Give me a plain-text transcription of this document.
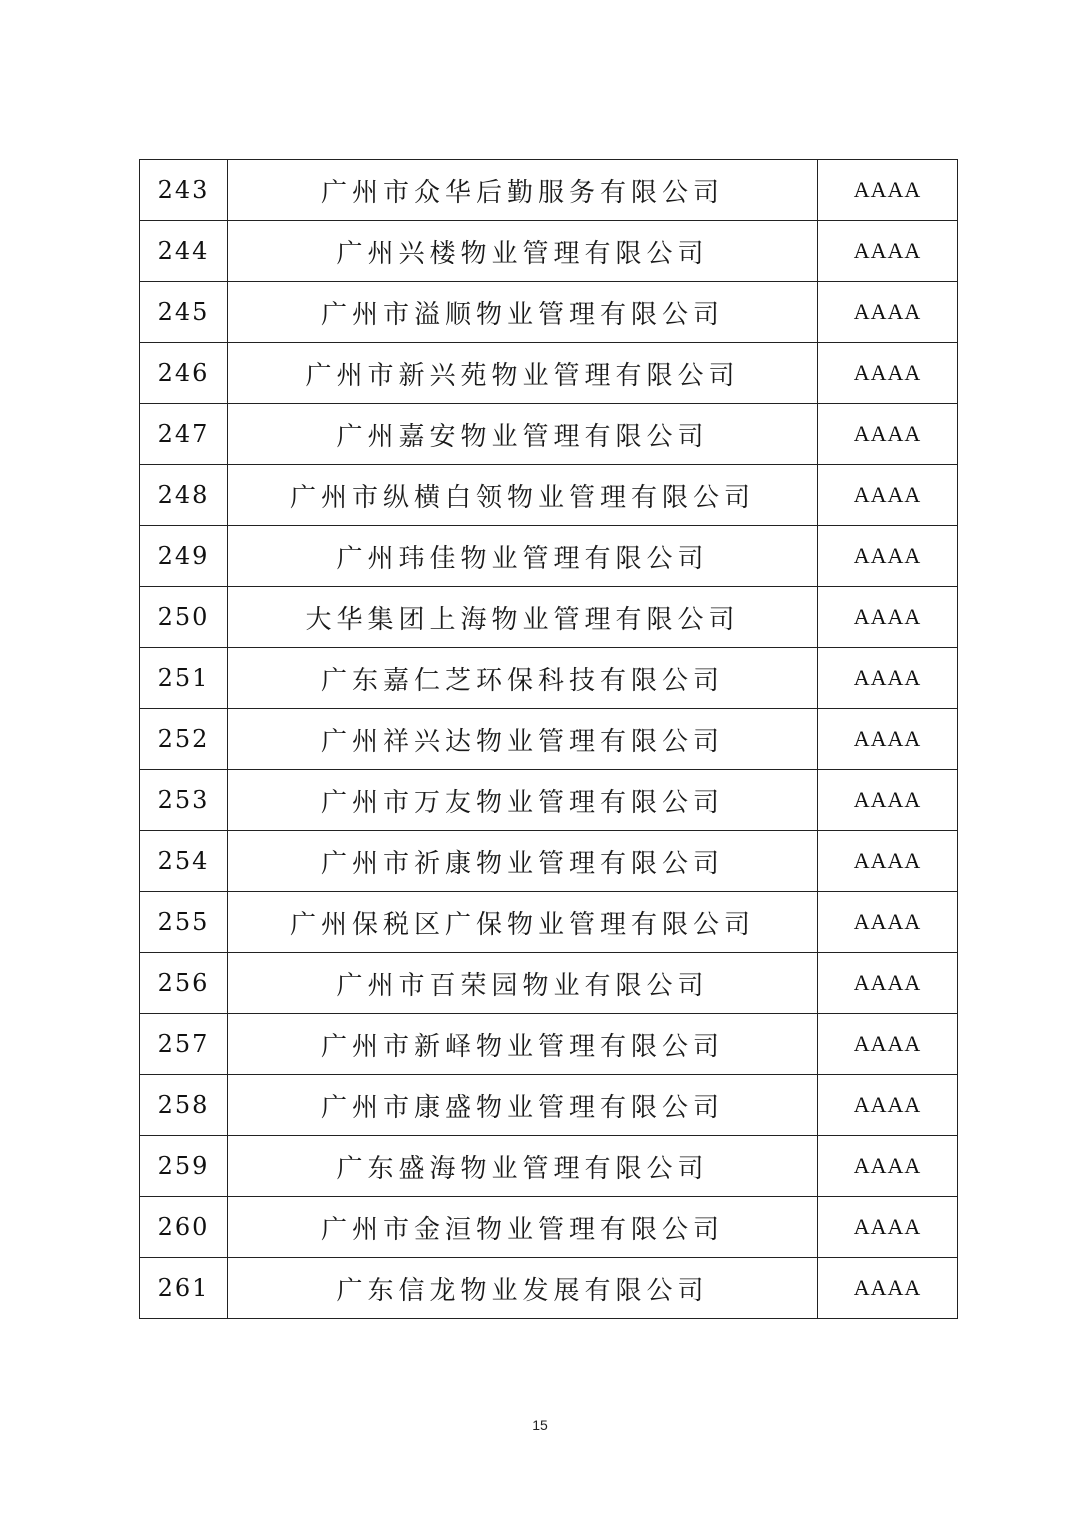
243	广州市众华后勤服务有限公司	AAAA
244	广州兴楼物业管理有限公司	AAAA
245	广州市溢顺物业管理有限公司	AAAA
246	广州市新兴苑物业管理有限公司	AAAA
247	广州嘉安物业管理有限公司	AAAA
248	广州市纵横白领物业管理有限公司	AAAA
249	广州玮佳物业管理有限公司	AAAA
250	大华集团上海物业管理有限公司	AAAA
251	广东嘉仁芝环保科技有限公司	AAAA
252	广州祥兴达物业管理有限公司	AAAA
253	广州市万友物业管理有限公司	AAAA
254	广州市祈康物业管理有限公司	AAAA
255	广州保税区广保物业管理有限公司	AAAA
256	广州市百荣园物业有限公司	AAAA
257	广州市新峄物业管理有限公司	AAAA
258	广州市康盛物业管理有限公司	AAAA
259	广东盛海物业管理有限公司	AAAA
260	广州市金洹物业管理有限公司	AAAA
261	广东信龙物业发展有限公司	AAAA
15
